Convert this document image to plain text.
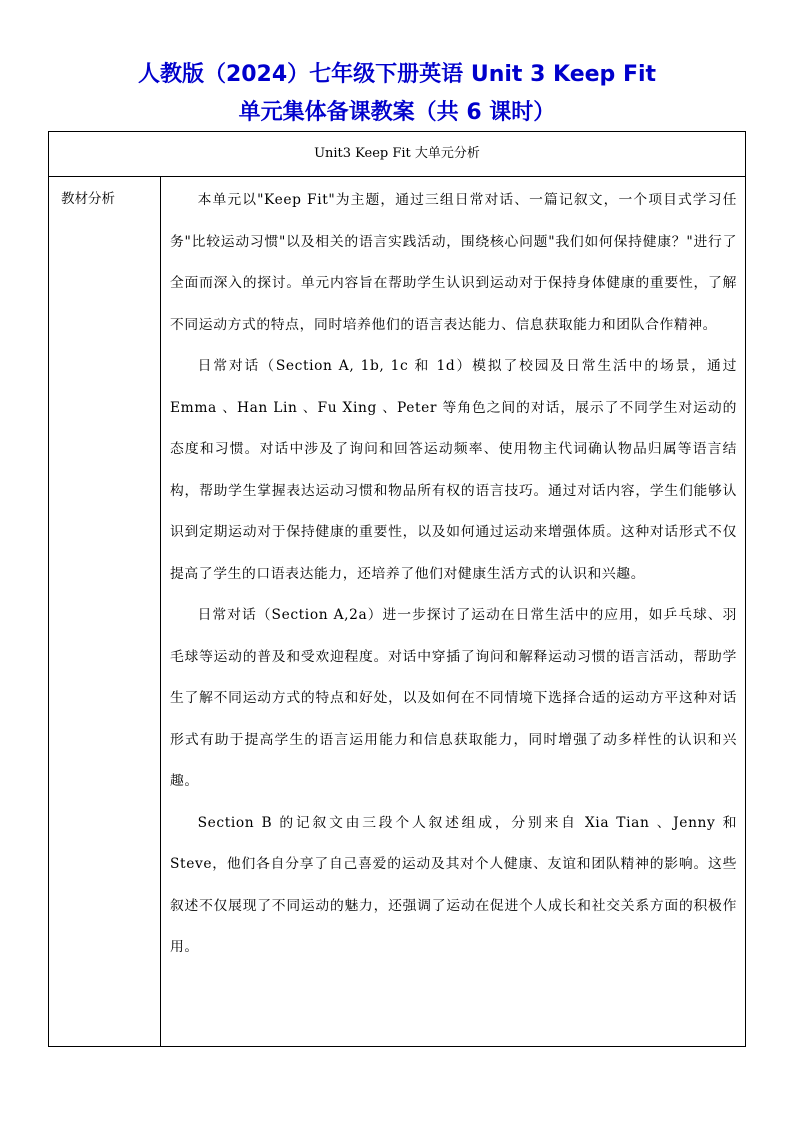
人教版（2024）七年级下册英语 Unit 3 Keep Fit
单元集体备课教案（共 6 课时）
Unit3 Keep Fit 大单元分析
教材分析	本单元以"Keep Fit"为主题，通过三组日常对话、一篇记叙文，一个项目式学习任务"比较运动习惯"以及相关的语言实践活动，围绕核心问题"我们如何保持健康？"进行了全面而深入的探讨。单元内容旨在帮助学生认识到运动对于保持身体健康的重要性，了解不同运动方式的特点，同时培养他们的语言表达能力、信息获取能力和团队合作精神。

日常对话（Section A, 1b, 1c 和 1d）模拟了校园及日常生活中的场景，通过 Emma 、Han Lin 、Fu Xing 、Peter 等角色之间的对话，展示了不同学生对运动的态度和习惯。对话中涉及了询问和回答运动频率、使用物主代词确认物品归属等语言结构，帮助学生掌握表达运动习惯和物品所有权的语言技巧。通过对话内容，学生们能够认识到定期运动对于保持健康的重要性，以及如何通过运动来增强体质。这种对话形式不仅提高了学生的口语表达能力，还培养了他们对健康生活方式的认识和兴趣。

日常对话（Section A,2a）进一步探讨了运动在日常生活中的应用，如乒乓球、羽毛球等运动的普及和受欢迎程度。对话中穿插了询问和解释运动习惯的语言活动，帮助学生了解不同运动方式的特点和好处，以及如何在不同情境下选择合适的运动方平这种对话形式有助于提高学生的语言运用能力和信息获取能力，同时增强了动多样性的认识和兴趣。

Section B 的记叙文由三段个人叙述组成，分别来自 Xia Tian 、Jenny 和 Steve，他们各自分享了自己喜爱的运动及其对个人健康、友谊和团队精神的影响。这些叙述不仅展现了不同运动的魅力，还强调了运动在促进个人成长和社交关系方面的积极作用。
